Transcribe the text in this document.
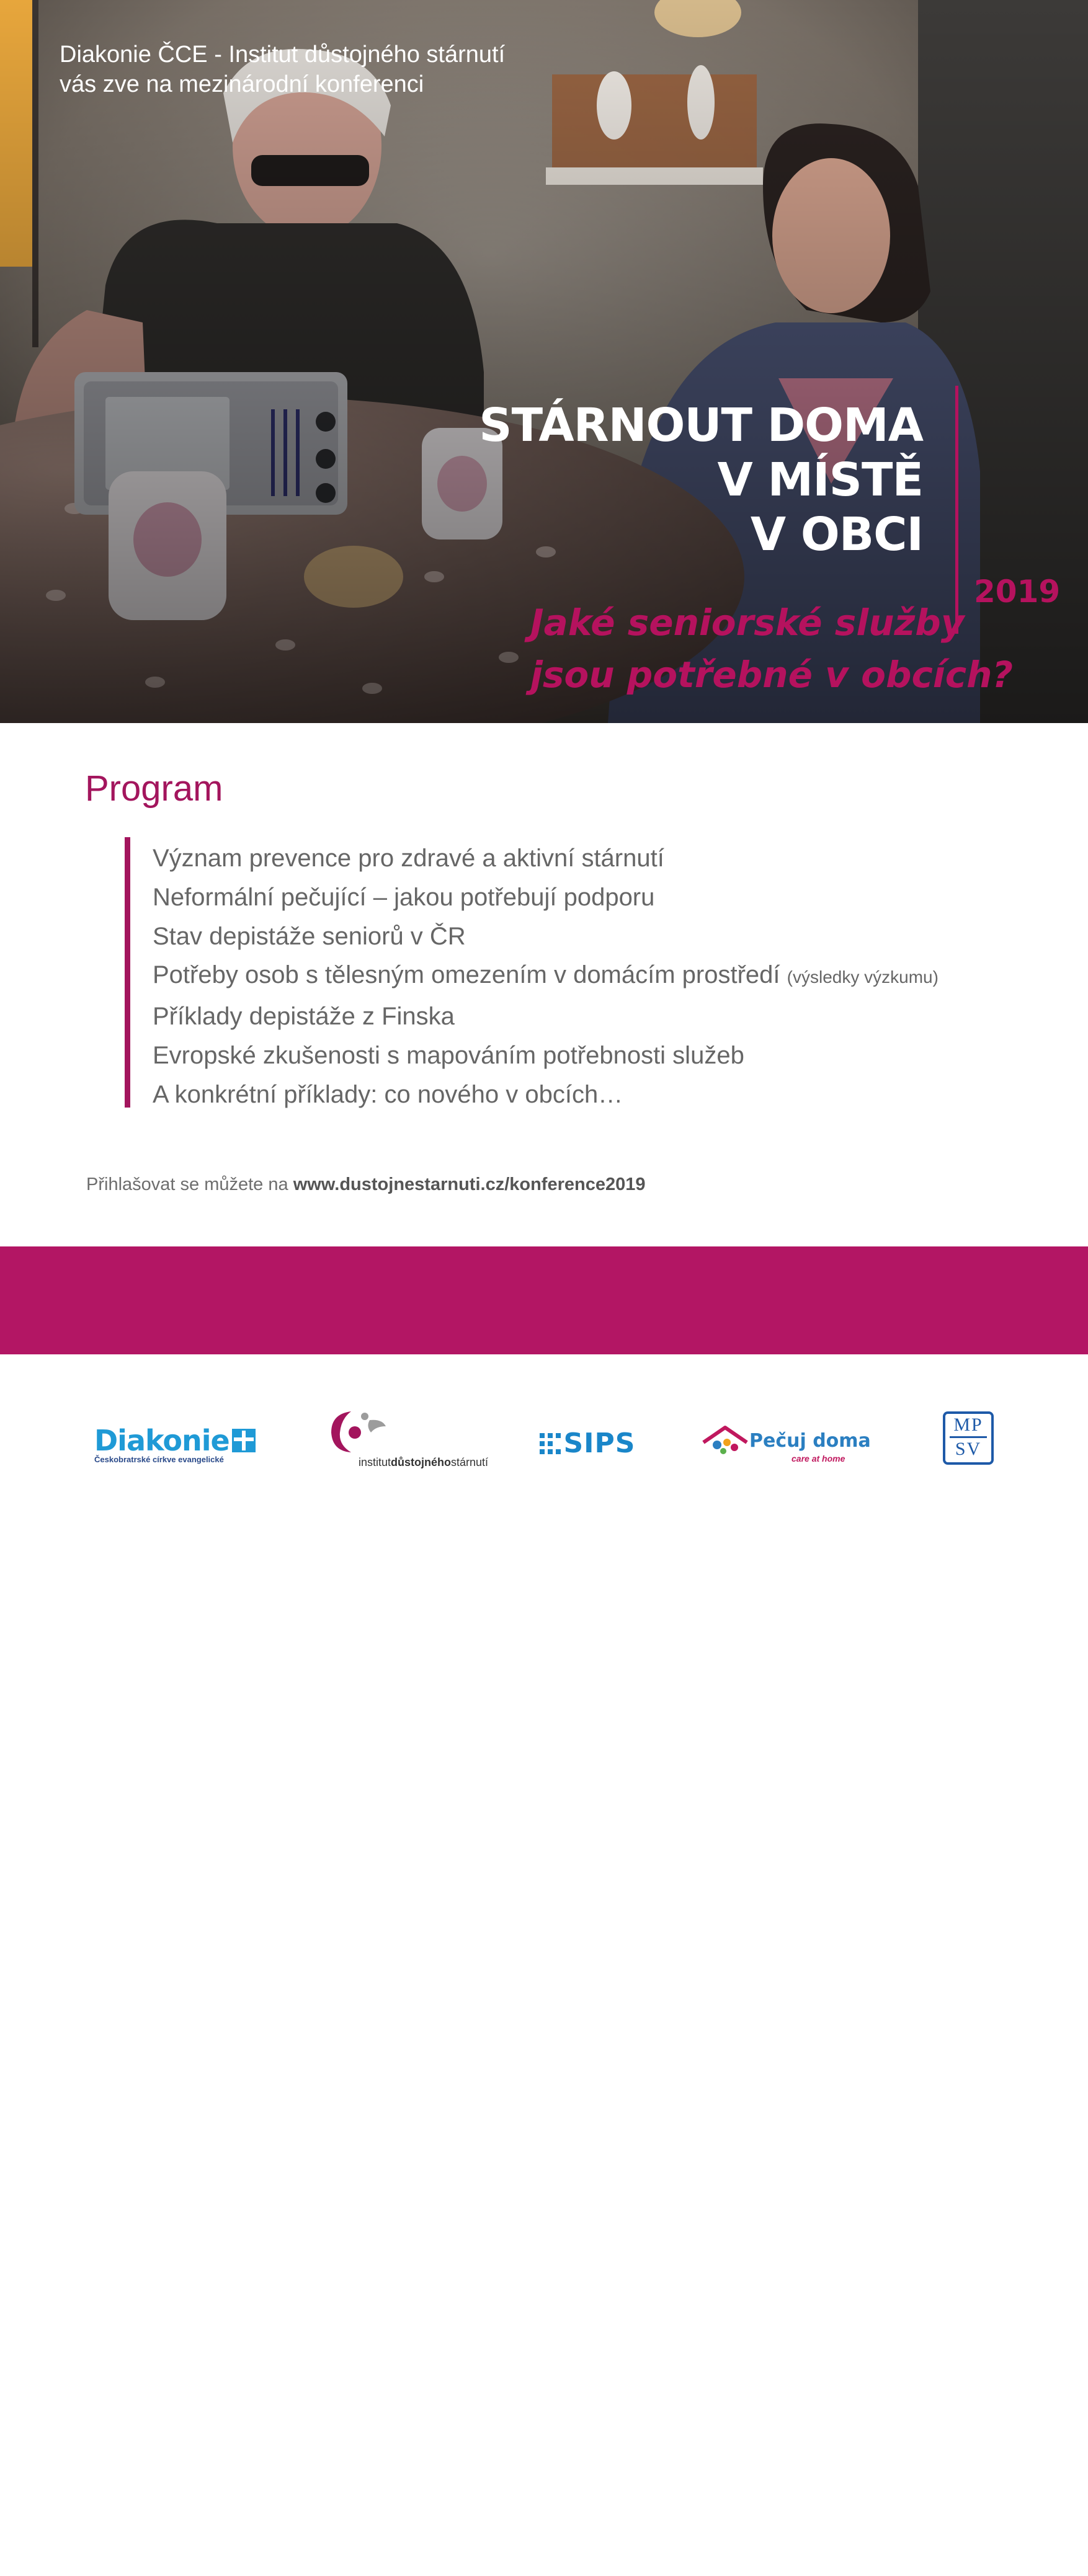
Diakonie ČCE - Institut důstojného stárnutí
vás zve na mezinárodní konferenci
STÁRNOUT DOMA
V MÍSTĚ
V OBCI
2019
Jaké seniorské služby
jsou potřebné v obcích?
Program
Význam prevence pro zdravé a aktivní stárnutí
Neformální pečující – jakou potřebují podporu
Stav depistáže seniorů v ČR
Potřeby osob s tělesným omezením v domácím prostředí (výsledky výzkumu)
Příklady depistáže z Finska
Evropské zkušenosti s mapováním potřebnosti služeb
A konkrétní příklady: co nového v obcích…
Přihlašovat se můžete na www.dustojnestarnuti.cz/konference2019
pátek 15. listopadu 2019 od 9:00
v prostorách Nadace ABF, Václavské náměstí 31, Praha 1
Diakonie
Českobratrské církve evangelické	institutdůstojnéhostárnutí
SIPS	Pečuj doma
care at home
MP
SV
